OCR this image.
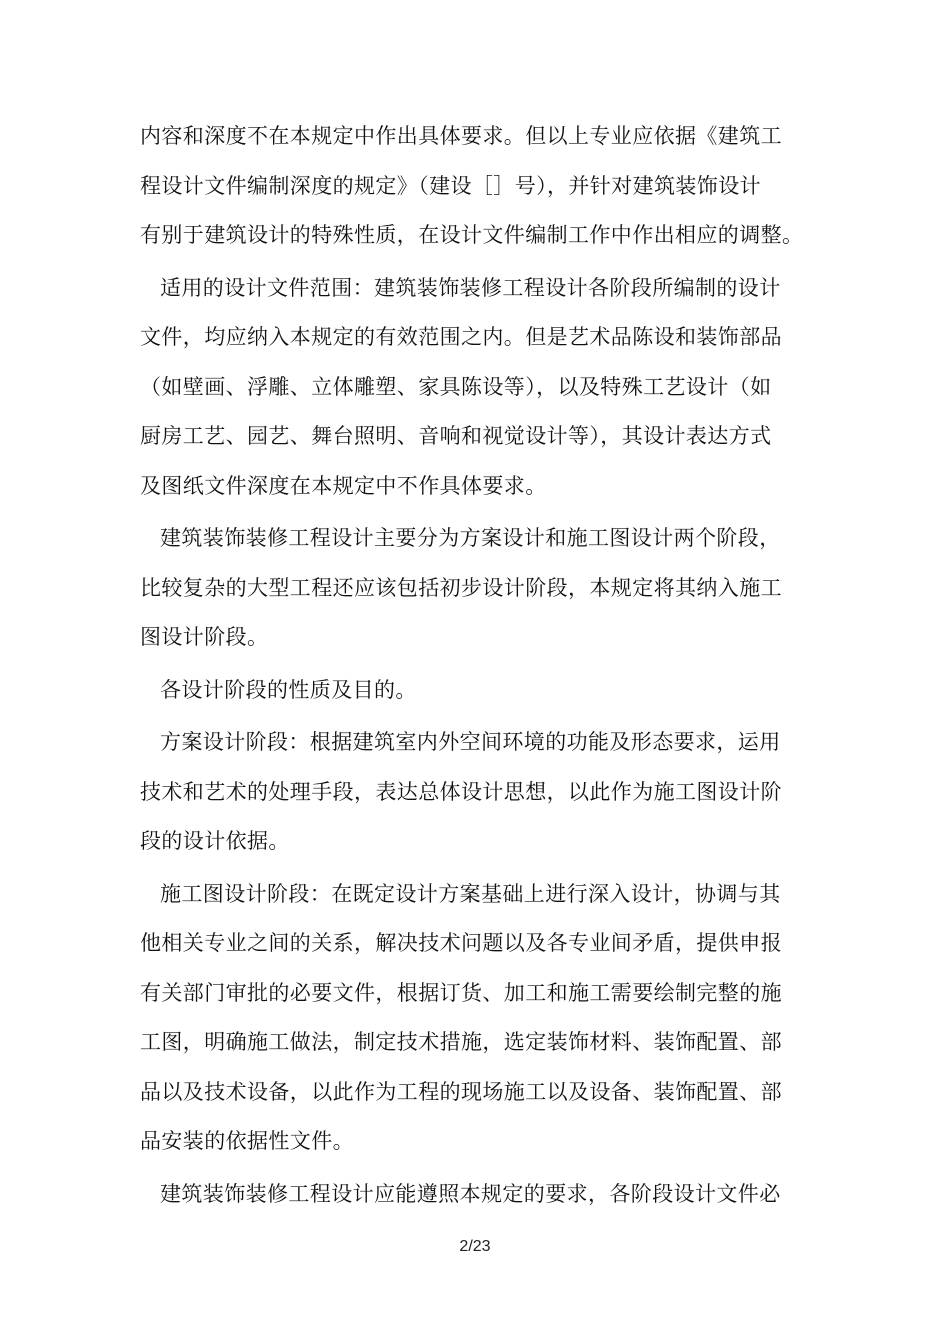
内容和深度不在本规定中作出具体要求。但以上专业应依据《建筑工
程设计文件编制深度的规定》（建设［］号），并针对建筑装饰设计
有别于建筑设计的特殊性质，在设计文件编制工作中作出相应的调整。
适用的设计文件范围：建筑装饰装修工程设计各阶段所编制的设计
文件，均应纳入本规定的有效范围之内。但是艺术品陈设和装饰部品
（如壁画、浮雕、立体雕塑、家具陈设等），以及特殊工艺设计（如
厨房工艺、园艺、舞台照明、音响和视觉设计等），其设计表达方式
及图纸文件深度在本规定中不作具体要求。
建筑装饰装修工程设计主要分为方案设计和施工图设计两个阶段，
比较复杂的大型工程还应该包括初步设计阶段，本规定将其纳入施工
图设计阶段。
各设计阶段的性质及目的。
方案设计阶段：根据建筑室内外空间环境的功能及形态要求，运用
技术和艺术的处理手段，表达总体设计思想，以此作为施工图设计阶
段的设计依据。
施工图设计阶段：在既定设计方案基础上进行深入设计，协调与其
他相关专业之间的关系，解决技术问题以及各专业间矛盾，提供申报
有关部门审批的必要文件，根据订货、加工和施工需要绘制完整的施
工图，明确施工做法，制定技术措施，选定装饰材料、装饰配置、部
品以及技术设备，以此作为工程的现场施工以及设备、装饰配置、部
品安装的依据性文件。
建筑装饰装修工程设计应能遵照本规定的要求，各阶段设计文件必
2/23
